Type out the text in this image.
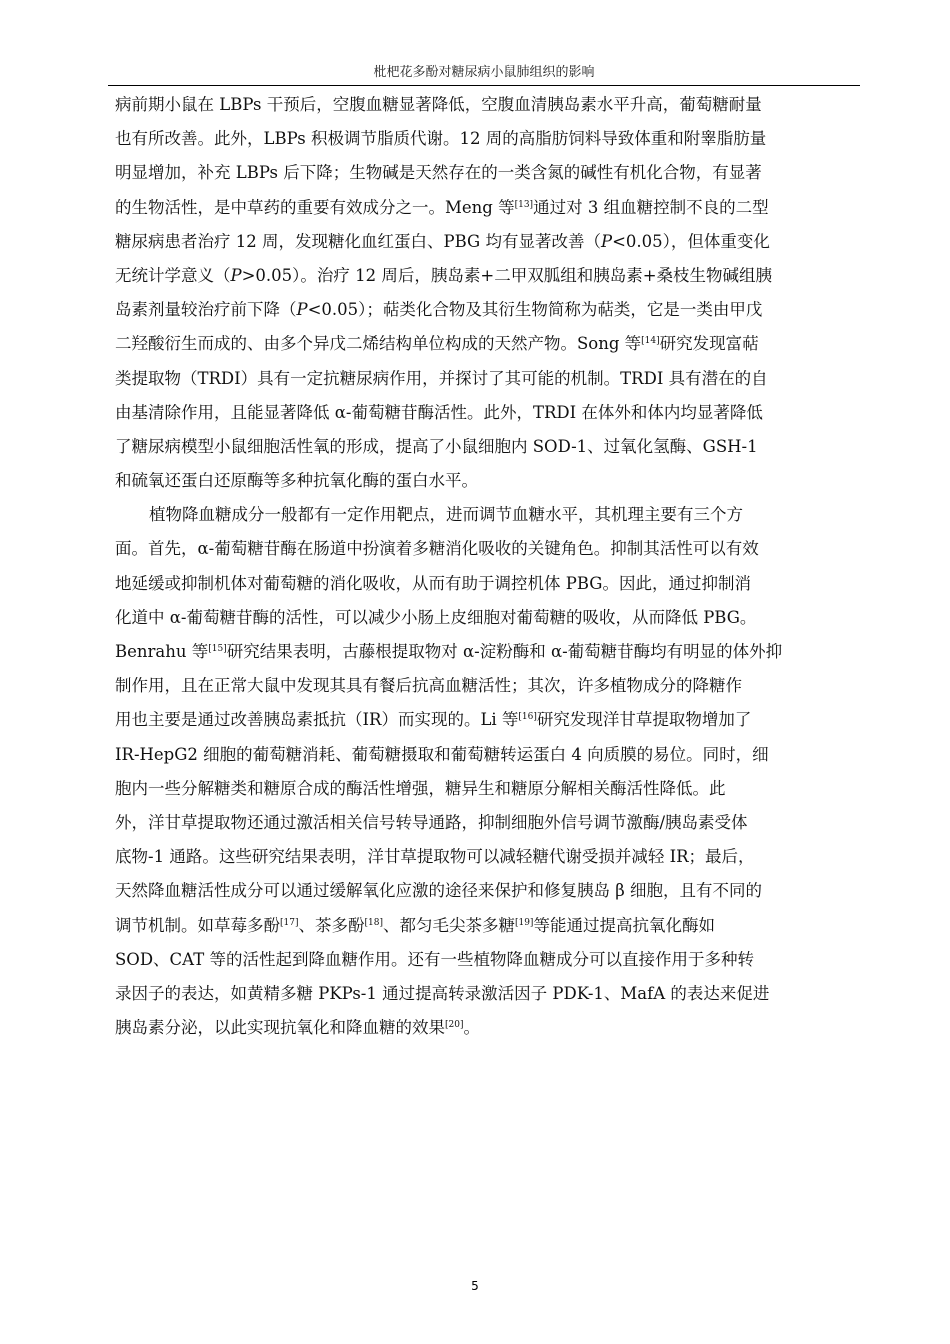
枇杷花多酚对糖尿病小鼠肺组织的影响
病前期小鼠在 LBPs 干预后，空腹血糖显著降低，空腹血清胰岛素水平升高，葡萄糖耐量
也有所改善。此外，LBPs 积极调节脂质代谢。12 周的高脂肪饲料导致体重和附睾脂肪量
明显增加，补充 LBPs 后下降；生物碱是天然存在的一类含氮的碱性有机化合物，有显著
的生物活性，是中草药的重要有效成分之一。Meng 等[13]通过对 3 组血糖控制不良的二型
糖尿病患者治疗 12 周，发现糖化血红蛋白、PBG 均有显著改善（P<0.05），但体重变化
无统计学意义（P>0.05）。治疗 12 周后，胰岛素+二甲双胍组和胰岛素+桑枝生物碱组胰
岛素剂量较治疗前下降（P<0.05）；萜类化合物及其衍生物简称为萜类，它是一类由甲戊
二羟酸衍生而成的、由多个异戊二烯结构单位构成的天然产物。Song 等[14]研究发现富萜
类提取物（TRDI）具有一定抗糖尿病作用，并探讨了其可能的机制。TRDI 具有潜在的自
由基清除作用，且能显著降低 α-葡萄糖苷酶活性。此外，TRDI 在体外和体内均显著降低
了糖尿病模型小鼠细胞活性氧的形成，提高了小鼠细胞内 SOD-1、过氧化氢酶、GSH-1
和硫氧还蛋白还原酶等多种抗氧化酶的蛋白水平。
植物降血糖成分一般都有一定作用靶点，进而调节血糖水平，其机理主要有三个方
面。首先，α-葡萄糖苷酶在肠道中扮演着多糖消化吸收的关键角色。抑制其活性可以有效
地延缓或抑制机体对葡萄糖的消化吸收，从而有助于调控机体 PBG。因此，通过抑制消
化道中 α-葡萄糖苷酶的活性，可以减少小肠上皮细胞对葡萄糖的吸收，从而降低 PBG。
Benrahu 等[15]研究结果表明，古藤根提取物对 α-淀粉酶和 α-葡萄糖苷酶均有明显的体外抑
制作用，且在正常大鼠中发现其具有餐后抗高血糖活性；其次，许多植物成分的降糖作
用也主要是通过改善胰岛素抵抗（IR）而实现的。Li 等[16]研究发现洋甘草提取物增加了
IR-HepG2 细胞的葡萄糖消耗、葡萄糖摄取和葡萄糖转运蛋白 4 向质膜的易位。同时，细
胞内一些分解糖类和糖原合成的酶活性增强，糖异生和糖原分解相关酶活性降低。此
外，洋甘草提取物还通过激活相关信号转导通路，抑制细胞外信号调节激酶/胰岛素受体
底物-1 通路。这些研究结果表明，洋甘草提取物可以减轻糖代谢受损并减轻 IR；最后，
天然降血糖活性成分可以通过缓解氧化应激的途径来保护和修复胰岛 β 细胞，且有不同的
调节机制。如草莓多酚[17]、茶多酚[18]、都匀毛尖茶多糖[19]等能通过提高抗氧化酶如
SOD、CAT 等的活性起到降血糖作用。还有一些植物降血糖成分可以直接作用于多种转
录因子的表达，如黄精多糖 PKPs-1 通过提高转录激活因子 PDK-1、MafA 的表达来促进
胰岛素分泌，以此实现抗氧化和降血糖的效果[20]。
5
